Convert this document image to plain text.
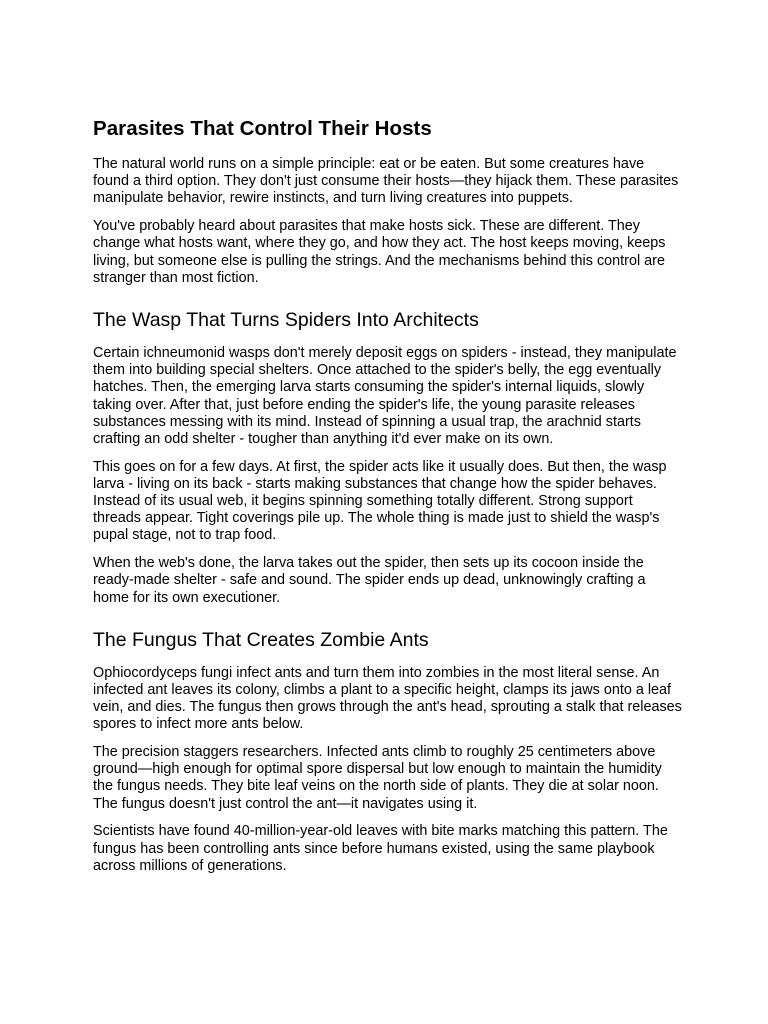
Parasites That Control Their Hosts

The natural world runs on a simple principle: eat or be eaten. But some creatures have found a third option. They don't just consume their hosts—they hijack them. These parasites manipulate behavior, rewire instincts, and turn living creatures into puppets.

You've probably heard about parasites that make hosts sick. These are different. They change what hosts want, where they go, and how they act. The host keeps moving, keeps living, but someone else is pulling the strings. And the mechanisms behind this control are stranger than most fiction.

The Wasp That Turns Spiders Into Architects

Certain ichneumonid wasps don't merely deposit eggs on spiders - instead, they manipulate them into building special shelters. Once attached to the spider's belly, the egg eventually hatches. Then, the emerging larva starts consuming the spider's internal liquids, slowly taking over. After that, just before ending the spider's life, the young parasite releases substances messing with its mind. Instead of spinning a usual trap, the arachnid starts crafting an odd shelter - tougher than anything it'd ever make on its own.

This goes on for a few days. At first, the spider acts like it usually does. But then, the wasp larva - living on its back - starts making substances that change how the spider behaves. Instead of its usual web, it begins spinning something totally different. Strong support threads appear. Tight coverings pile up. The whole thing is made just to shield the wasp's pupal stage, not to trap food.

When the web's done, the larva takes out the spider, then sets up its cocoon inside the ready-made shelter - safe and sound. The spider ends up dead, unknowingly crafting a home for its own executioner.

The Fungus That Creates Zombie Ants

Ophiocordyceps fungi infect ants and turn them into zombies in the most literal sense. An infected ant leaves its colony, climbs a plant to a specific height, clamps its jaws onto a leaf vein, and dies. The fungus then grows through the ant's head, sprouting a stalk that releases spores to infect more ants below.

The precision staggers researchers. Infected ants climb to roughly 25 centimeters above ground—high enough for optimal spore dispersal but low enough to maintain the humidity the fungus needs. They bite leaf veins on the north side of plants. They die at solar noon. The fungus doesn't just control the ant—it navigates using it.

Scientists have found 40-million-year-old leaves with bite marks matching this pattern. The fungus has been controlling ants since before humans existed, using the same playbook across millions of generations.
